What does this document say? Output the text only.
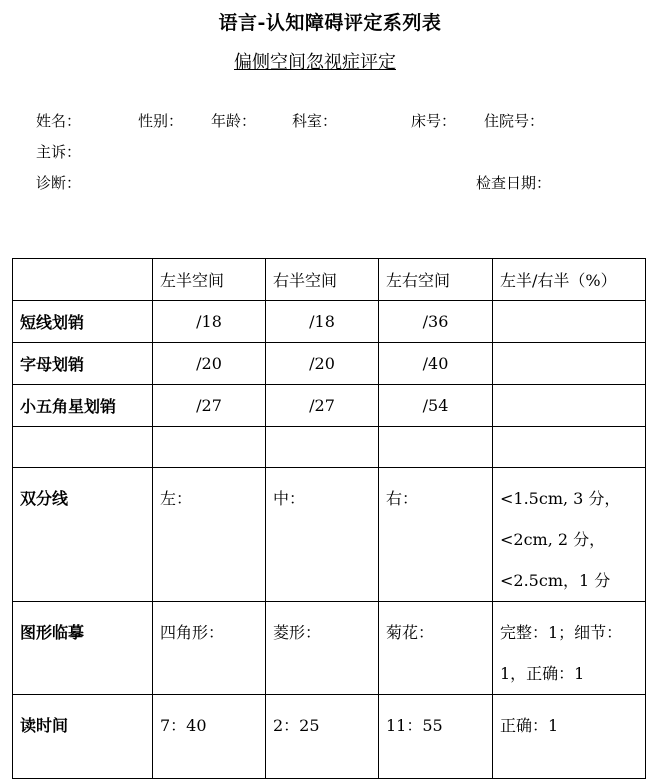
语言-认知障碍评定系列表
偏侧空间忽视症评定
姓名：	性别： 年龄： 科室：	床号： 住院号：
主诉：
诊断：	检查日期：
	左半空间	右半空间	左右空间	左半/右半（%）
短线划销	/18	/18	/36	
字母划销	/20	/20	/40	
小五角星划销	/27	/27	/54	

双分线	左：	中：	右：	<1.5cm, 3 分，
<2cm, 2 分，
<2.5cm，1 分

图形临摹	四角形：	菱形：	菊花：	完整：1；细节：
1，正确：1

读时间	7：40	2：25	11：55	正确：1
